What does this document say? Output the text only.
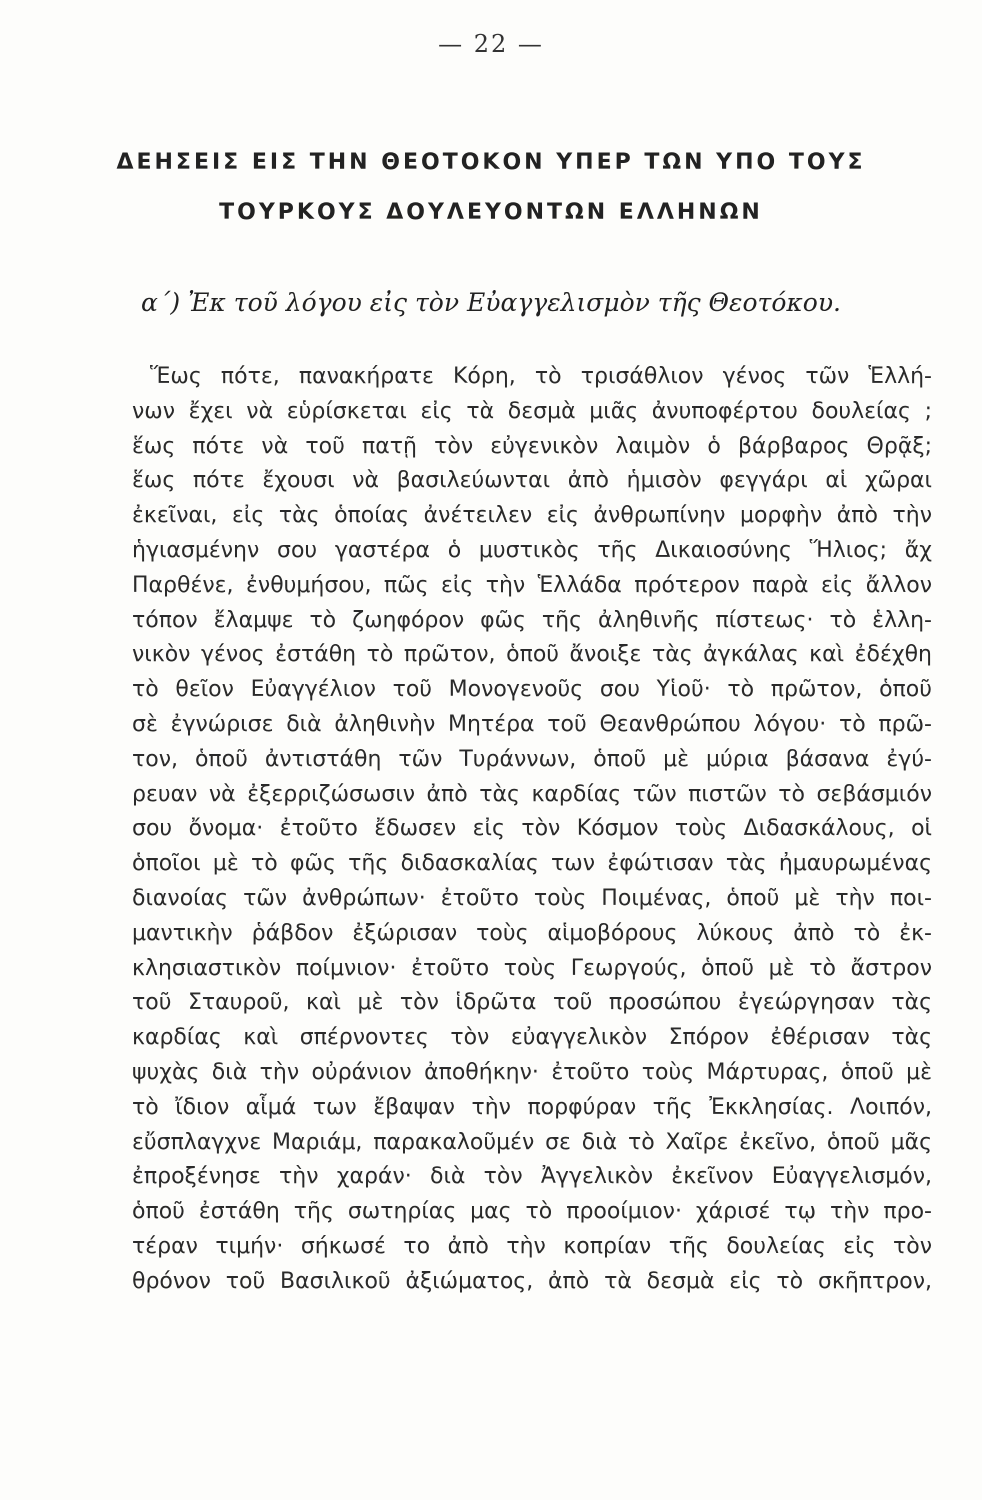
— 22 —
ΔΕΗΣΕΙΣ ΕΙΣ ΤΗΝ ΘΕΟΤΟΚΟΝ ΥΠΕΡ ΤΩΝ ΥΠΟ ΤΟΥΣ
ΤΟΥΡΚΟΥΣ ΔΟΥΛΕΥΟΝΤΩΝ ΕΛΛΗΝΩΝ
α´) Ἐκ τοῦ λόγου εἰς τὸν Εὐαγγελισμὸν τῆς Θεοτόκου.
Ἕως πότε, πανακήρατε Κόρη, τὸ τρισάθλιον γένος τῶν Ἑλλή-
νων ἔχει νὰ εὑρίσκεται εἰς τὰ δεσμὰ μιᾶς ἀνυποφέρτου δουλείας ;
ἕως πότε νὰ τοῦ πατῇ τὸν εὐγενικὸν λαιμὸν ὁ βάρβαρος Θρᾷξ;
ἕως πότε ἔχουσι νὰ βασιλεύωνται ἀπὸ ἡμισὸν φεγγάρι αἱ χῶραι
ἐκεῖναι, εἰς τὰς ὁποίας ἀνέτειλεν εἰς ἀνθρωπίνην μορφὴν ἀπὸ τὴν
ἡγιασμένην σου γαστέρα ὁ μυστικὸς τῆς Δικαιοσύνης Ἥλιος; ἄχ
Παρθένε, ἐνθυμήσου, πῶς εἰς τὴν Ἑλλάδα πρότερον παρὰ εἰς ἄλλον
τόπον ἔλαμψε τὸ ζωηφόρον φῶς τῆς ἀληθινῆς πίστεως· τὸ ἑλλη-
νικὸν γένος ἐστάθη τὸ πρῶτον, ὁποῦ ἄνοιξε τὰς ἀγκάλας καὶ ἐδέχθη
τὸ θεῖον Εὐαγγέλιον τοῦ Μονογενοῦς σου Υἱοῦ· τὸ πρῶτον, ὁποῦ
σὲ ἐγνώρισε διὰ ἀληθινὴν Μητέρα τοῦ Θεανθρώπου λόγου· τὸ πρῶ-
τον, ὁποῦ ἀντιστάθη τῶν Τυράννων, ὁποῦ μὲ μύρια βάσανα ἐγύ-
ρευαν νὰ ἐξερριζώσωσιν ἀπὸ τὰς καρδίας τῶν πιστῶν τὸ σεβάσμιόν
σου ὄνομα· ἐτοῦτο ἔδωσεν εἰς τὸν Κόσμον τοὺς Διδασκάλους, οἱ
ὁποῖοι μὲ τὸ φῶς τῆς διδασκαλίας των ἐφώτισαν τὰς ἠμαυρωμένας
διανοίας τῶν ἀνθρώπων· ἐτοῦτο τοὺς Ποιμένας, ὁποῦ μὲ τὴν ποι-
μαντικὴν ῥάβδον ἐξώρισαν τοὺς αἱμοβόρους λύκους ἀπὸ τὸ ἐκ-
κλησιαστικὸν ποίμνιον· ἐτοῦτο τοὺς Γεωργούς, ὁποῦ μὲ τὸ ἄστρον
τοῦ Σταυροῦ, καὶ μὲ τὸν ἱδρῶτα τοῦ προσώπου ἐγεώργησαν τὰς
καρδίας καὶ σπέρνοντες τὸν εὐαγγελικὸν Σπόρον ἐθέρισαν τὰς
ψυχὰς διὰ τὴν οὐράνιον ἀποθήκην· ἐτοῦτο τοὺς Μάρτυρας, ὁποῦ μὲ
τὸ ἴδιον αἷμά των ἔβαψαν τὴν πορφύραν τῆς Ἐκκλησίας. Λοιπόν,
εὔσπλαγχνε Μαριάμ, παρακαλοῦμέν σε διὰ τὸ Χαῖρε ἐκεῖνο, ὁποῦ μᾶς
ἐπροξένησε τὴν χαράν· διὰ τὸν Ἀγγελικὸν ἐκεῖνον Εὐαγγελισμόν,
ὁποῦ ἐστάθη τῆς σωτηρίας μας τὸ προοίμιον· χάρισέ τῳ τὴν προ-
τέραν τιμήν· σήκωσέ το ἀπὸ τὴν κοπρίαν τῆς δουλείας εἰς τὸν
θρόνον τοῦ Βασιλικοῦ ἀξιώματος, ἀπὸ τὰ δεσμὰ εἰς τὸ σκῆπτρον,
